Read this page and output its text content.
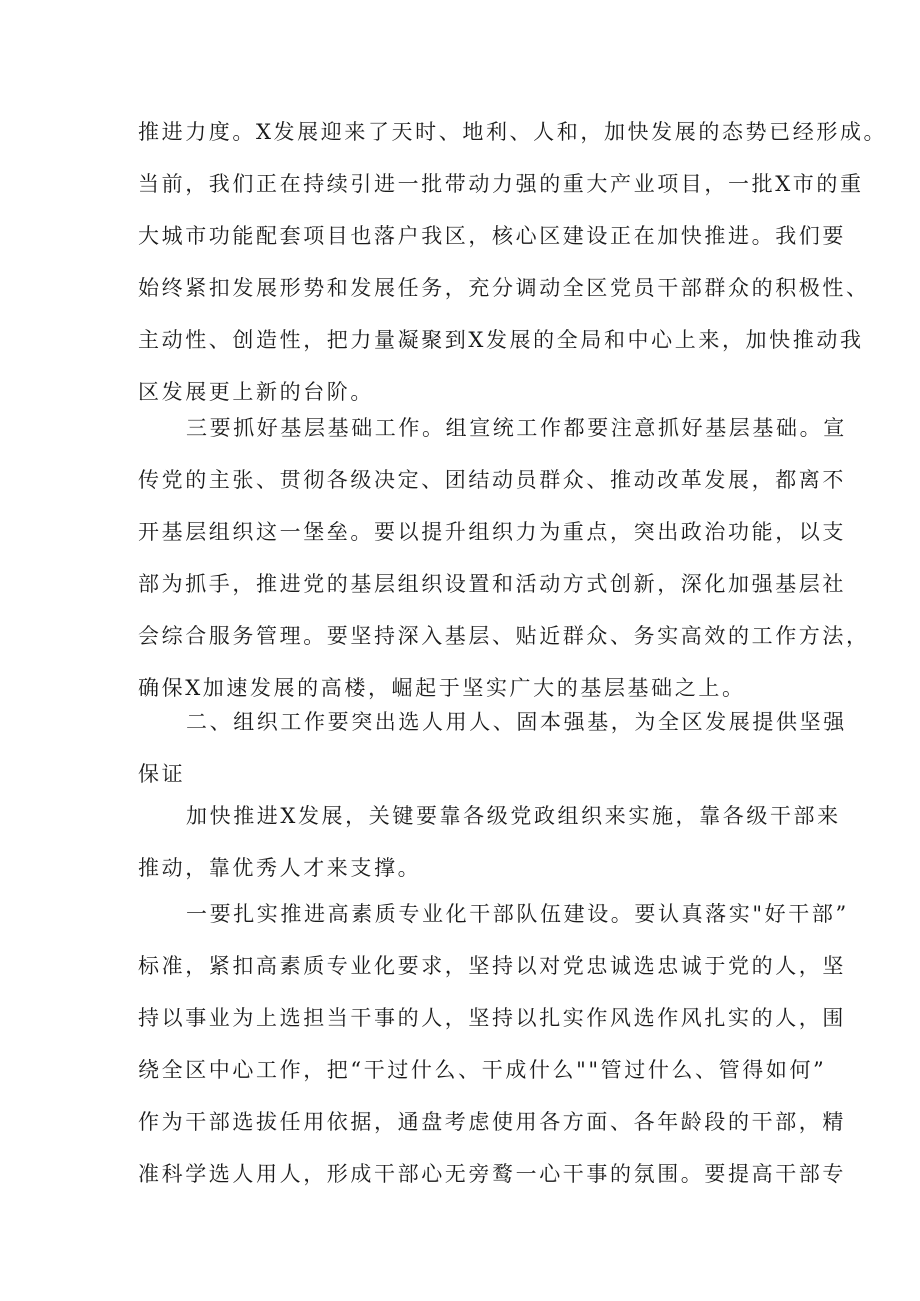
推进力度。X发展迎来了天时、地利、人和，加快发展的态势已经形成。
当前，我们正在持续引进一批带动力强的重大产业项目，一批X市的重
大城市功能配套项目也落户我区，核心区建设正在加快推进。我们要
始终紧扣发展形势和发展任务，充分调动全区党员干部群众的积极性、
主动性、创造性，把力量凝聚到X发展的全局和中心上来，加快推动我
区发展更上新的台阶。
三要抓好基层基础工作。组宣统工作都要注意抓好基层基础。宣
传党的主张、贯彻各级决定、团结动员群众、推动改革发展，都离不
开基层组织这一堡垒。要以提升组织力为重点，突出政治功能，以支
部为抓手，推进党的基层组织设置和活动方式创新，深化加强基层社
会综合服务管理。要坚持深入基层、贴近群众、务实高效的工作方法，
确保X加速发展的高楼，崛起于坚实广大的基层基础之上。
二、组织工作要突出选人用人、固本强基，为全区发展提供坚强
保证
加快推进X发展，关键要靠各级党政组织来实施，靠各级干部来
推动，靠优秀人才来支撑。
一要扎实推进高素质专业化干部队伍建设。要认真落实"好干部”
标准，紧扣高素质专业化要求，坚持以对党忠诚选忠诚于党的人，坚
持以事业为上选担当干事的人，坚持以扎实作风选作风扎实的人，围
绕全区中心工作，把“干过什么、干成什么""管过什么、管得如何”
作为干部选拔任用依据，通盘考虑使用各方面、各年龄段的干部，精
准科学选人用人，形成干部心无旁鹜一心干事的氛围。要提高干部专
